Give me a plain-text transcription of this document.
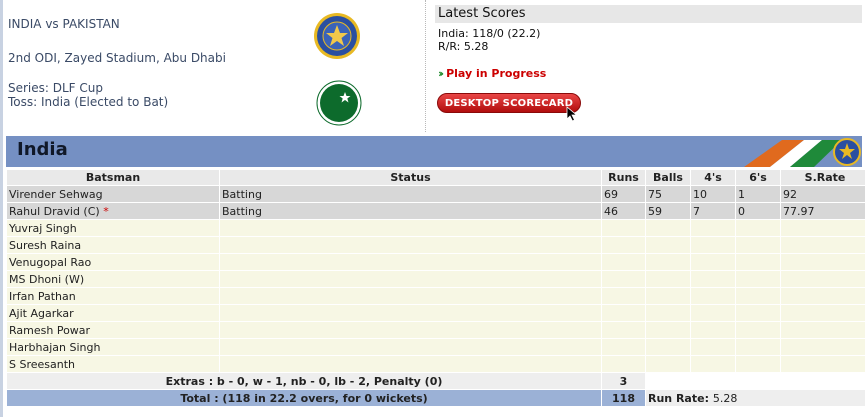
INDIA vs PAKISTAN
2nd ODI, Zayed Stadium, Abu Dhabi
Series: DLF Cup
Toss: India (Elected to Bat)
Latest Scores
India: 118/0 (22.2)
R/R: 5.28
›› Play in Progress
DESKTOP SCORECARD
India
Batsman	Status	Runs	Balls	4's	6's	S.Rate
Virender Sehwag	Batting	69	75	10	1	92
Rahul Dravid (C) *	Batting	46	59	7	0	77.97
Yuvraj Singh						
Suresh Raina						
Venugopal Rao						
MS Dhoni (W)						
Irfan Pathan						
Ajit Agarkar						
Ramesh Powar						
Harbhajan Singh						
S Sreesanth						
Extras : b - 0, w - 1, nb - 0, lb - 2, Penalty (0)		3				
Total : (118 in 22.2 overs, for 0 wickets)		118	Run Rate: 5.28			
